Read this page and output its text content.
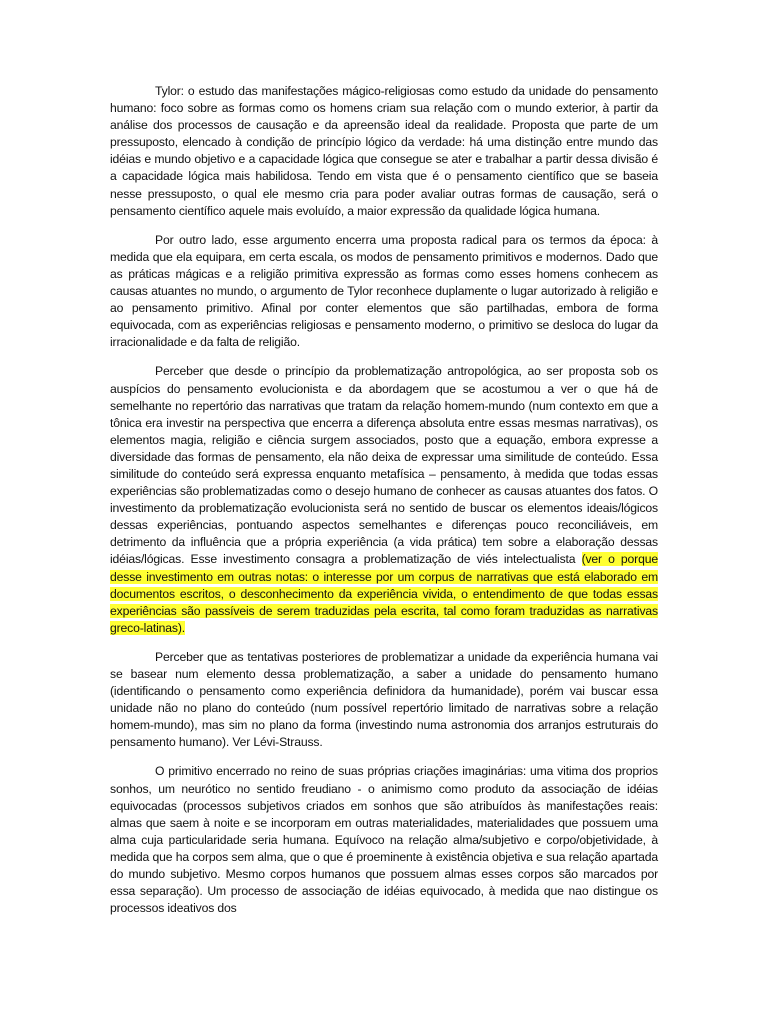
Tylor: o estudo das manifestações mágico-religiosas como estudo da unidade do pensamento humano: foco sobre as formas como os homens criam sua relação com o mundo exterior, à partir da análise dos processos de causação e da apreensão ideal da realidade. Proposta que parte de um pressuposto, elencado à condição de princípio lógico da verdade: há uma distinção entre mundo das idéias e mundo objetivo e a capacidade lógica que consegue se ater e trabalhar a partir dessa divisão é a capacidade lógica mais habilidosa. Tendo em vista que é o pensamento científico que se baseia nesse pressuposto, o qual ele mesmo cria para poder avaliar outras formas de causação, será o pensamento científico aquele mais evoluído, a maior expressão da qualidade lógica humana.

Por outro lado, esse argumento encerra uma proposta radical para os termos da época: à medida que ela equipara, em certa escala, os modos de pensamento primitivos e modernos. Dado que as práticas mágicas e a religião primitiva expressão as formas como esses homens conhecem as causas atuantes no mundo, o argumento de Tylor reconhece duplamente o lugar autorizado à religião e ao pensamento primitivo. Afinal por conter elementos que são partilhadas, embora de forma equivocada, com as experiências religiosas e pensamento moderno, o primitivo se desloca do lugar da irracionalidade e da falta de religião.

Perceber que desde o princípio da problematização antropológica, ao ser proposta sob os auspícios do pensamento evolucionista e da abordagem que se acostumou a ver o que há de semelhante no repertório das narrativas que tratam da relação homem-mundo (num contexto em que a tônica era investir na perspectiva que encerra a diferença absoluta entre essas mesmas narrativas), os elementos magia, religião e ciência surgem associados, posto que a equação, embora expresse a diversidade das formas de pensamento, ela não deixa de expressar uma similitude de conteúdo. Essa similitude do conteúdo será expressa enquanto metafísica – pensamento, à medida que todas essas experiências são problematizadas como o desejo humano de conhecer as causas atuantes dos fatos. O investimento da problematização evolucionista será no sentido de buscar os elementos ideais/lógicos dessas experiências, pontuando aspectos semelhantes e diferenças pouco reconciliáveis, em detrimento da influência que a própria experiência (a vida prática) tem sobre a elaboração dessas idéias/lógicas. Esse investimento consagra a problematização de viés intelectualista (ver o porque desse investimento em outras notas: o interesse por um corpus de narrativas que está elaborado em documentos escritos, o desconhecimento da experiência vivida, o entendimento de que todas essas experiências são passíveis de serem traduzidas pela escrita, tal como foram traduzidas as narrativas greco-latinas).

Perceber que as tentativas posteriores de problematizar a unidade da experiência humana vai se basear num elemento dessa problematização, a saber a unidade do pensamento humano (identificando o pensamento como experiência definidora da humanidade), porém vai buscar essa unidade não no plano do conteúdo (num possível repertório limitado de narrativas sobre a relação homem-mundo), mas sim no plano da forma (investindo numa astronomia dos arranjos estruturais do pensamento humano). Ver Lévi-Strauss.

O primitivo encerrado no reino de suas próprias criações imaginárias: uma vitima dos proprios sonhos, um neurótico no sentido freudiano - o animismo como produto da associação de idéias equivocadas (processos subjetivos criados em sonhos que são atribuídos às manifestações reais: almas que saem à noite e se incorporam em outras materialidades, materialidades que possuem uma alma cuja particularidade seria humana. Equívoco na relação alma/subjetivo e corpo/objetividade, à medida que ha corpos sem alma, que o que é proeminente à existência objetiva e sua relação apartada do mundo subjetivo. Mesmo corpos humanos que possuem almas esses corpos são marcados por essa separação). Um processo de associação de idéias equivocado, à medida que nao distingue os processos ideativos dos
